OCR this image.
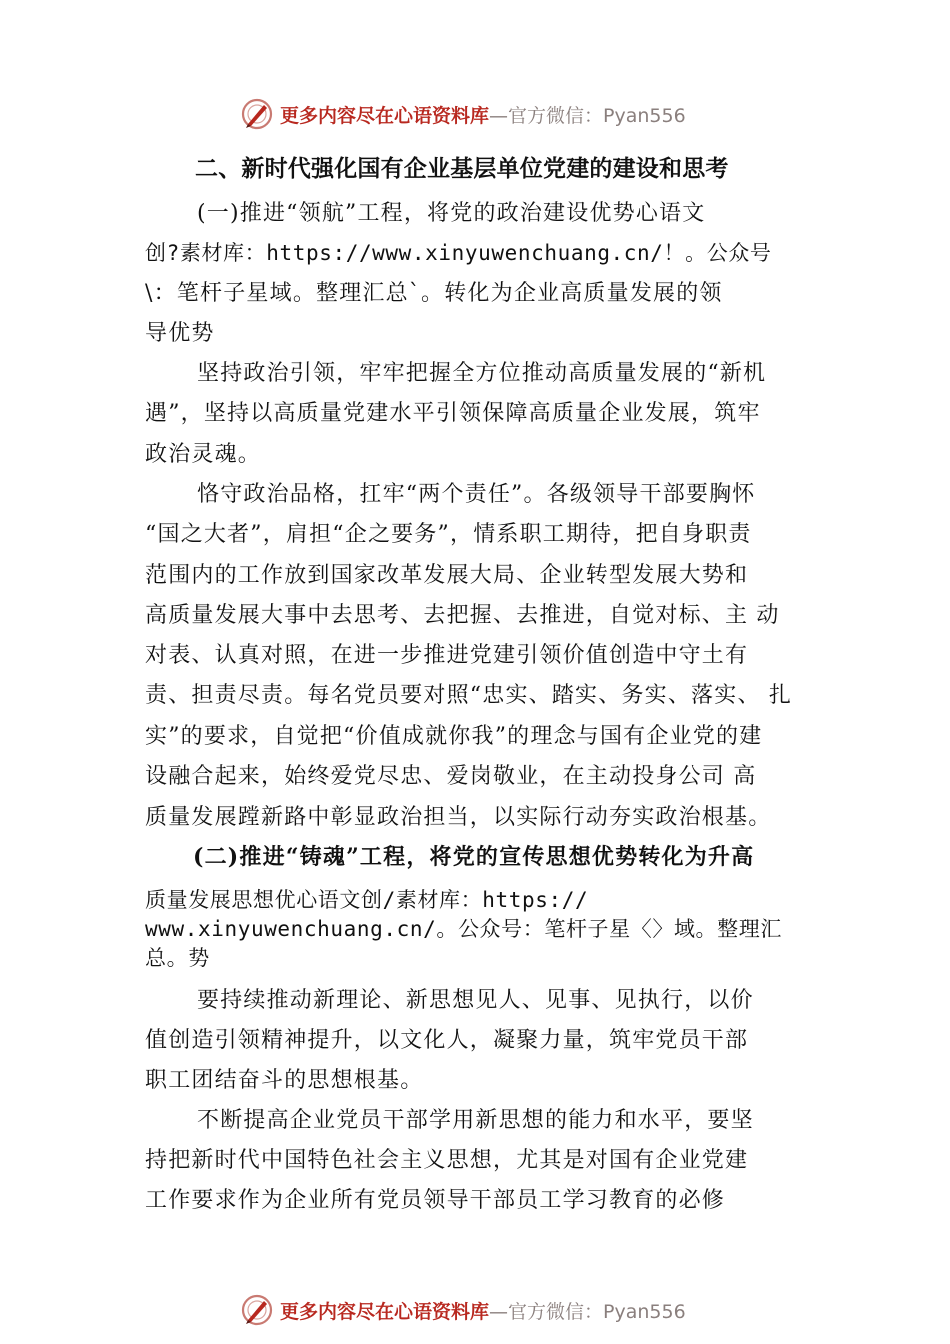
更多内容尽在心语资料库 —官方微信：Pyan556
二、新时代强化国有企业基层单位党建的建设和思考
(一)推进“领航”工程，将党的政治建设优势心语文
创?素材库：https://www.xinyuwenchuang.cn/！。公众号
\：笔杆子星域。整理汇总`。转化为企业高质量发展的领
导优势
坚持政治引领，牢牢把握全方位推动高质量发展的“新机
遇”，坚持以高质量党建水平引领保障高质量企业发展，筑牢
政治灵魂。
恪守政治品格，扛牢“两个责任”。各级领导干部要胸怀
“国之大者”，肩担“企之要务”，情系职工期待，把自身职责
范围内的工作放到国家改革发展大局、企业转型发展大势和
高质量发展大事中去思考、去把握、去推进，自觉对标、主 动
对表、认真对照，在进一步推进党建引领价值创造中守土有
责、担责尽责。每名党员要对照“忠实、踏实、务实、落实、 扎
实”的要求，自觉把“价值成就你我”的理念与国有企业党的建
设融合起来，始终爱党尽忠、爱岗敬业，在主动投身公司 高
质量发展蹚新路中彰显政治担当，以实际行动夯实政治根基。
(二)推进“铸魂”工程，将党的宣传思想优势转化为升高
质量发展思想优心语文创/素材库：https://
www.xinyuwenchuang.cn/。公众号：笔杆子星〈〉域。整理汇
总。势
要持续推动新理论、新思想见人、见事、见执行，以价
值创造引领精神提升，以文化人，凝聚力量，筑牢党员干部
职工团结奋斗的思想根基。
不断提高企业党员干部学用新思想的能力和水平，要坚
持把新时代中国特色社会主义思想，尤其是对国有企业党建
工作要求作为企业所有党员领导干部员工学习教育的必修
更多内容尽在心语资料库 —官方微信：Pyan556
